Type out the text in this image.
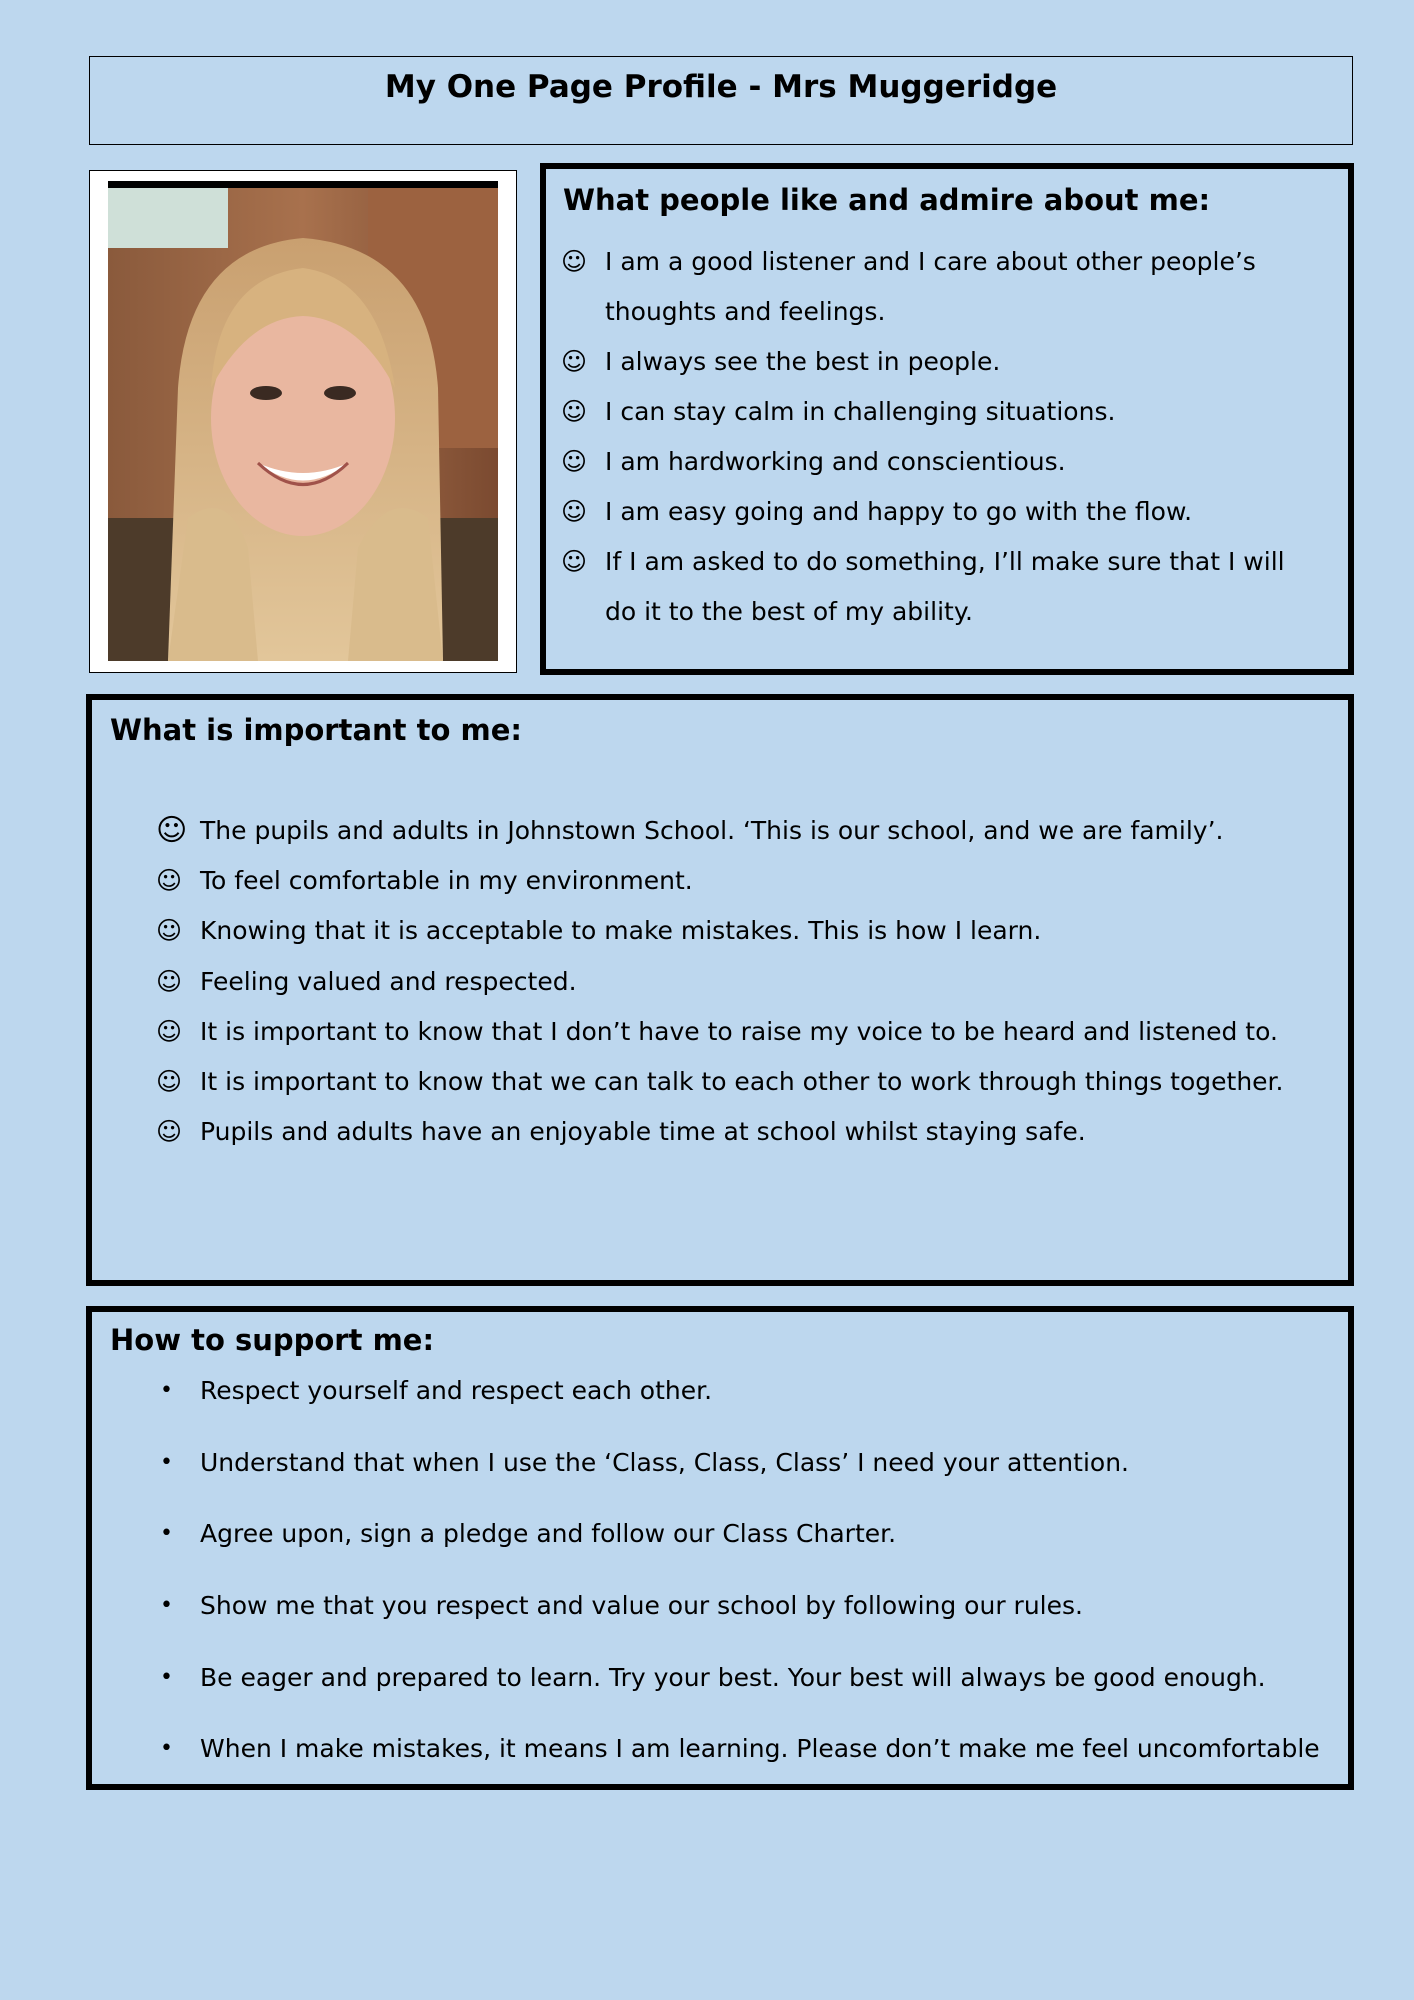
My One Page Profile - Mrs Muggeridge
What people like and admire about me:
☺ I am a good listener and I care about other people’s thoughts and feelings.
☺ I always see the best in people.
☺ I can stay calm in challenging situations.
☺ I am hardworking and conscientious.
☺ I am easy going and happy to go with the flow.
☺ If I am asked to do something, I’ll make sure that I will do it to the best of my ability.
What is important to me:
☺ The pupils and adults in Johnstown School. ‘This is our school, and we are family’.
☺ To feel comfortable in my environment.
☺ Knowing that it is acceptable to make mistakes. This is how I learn.
☺ Feeling valued and respected.
☺ It is important to know that I don’t have to raise my voice to be heard and listened to.
☺ It is important to know that we can talk to each other to work through things together.
☺ Pupils and adults have an enjoyable time at school whilst staying safe.
How to support me:
• Respect yourself and respect each other.
• Understand that when I use the ‘Class, Class, Class’ I need your attention.
• Agree upon, sign a pledge and follow our Class Charter.
• Show me that you respect and value our school by following our rules.
• Be eager and prepared to learn. Try your best. Your best will always be good enough.
• When I make mistakes, it means I am learning. Please don’t make me feel uncomfortable
